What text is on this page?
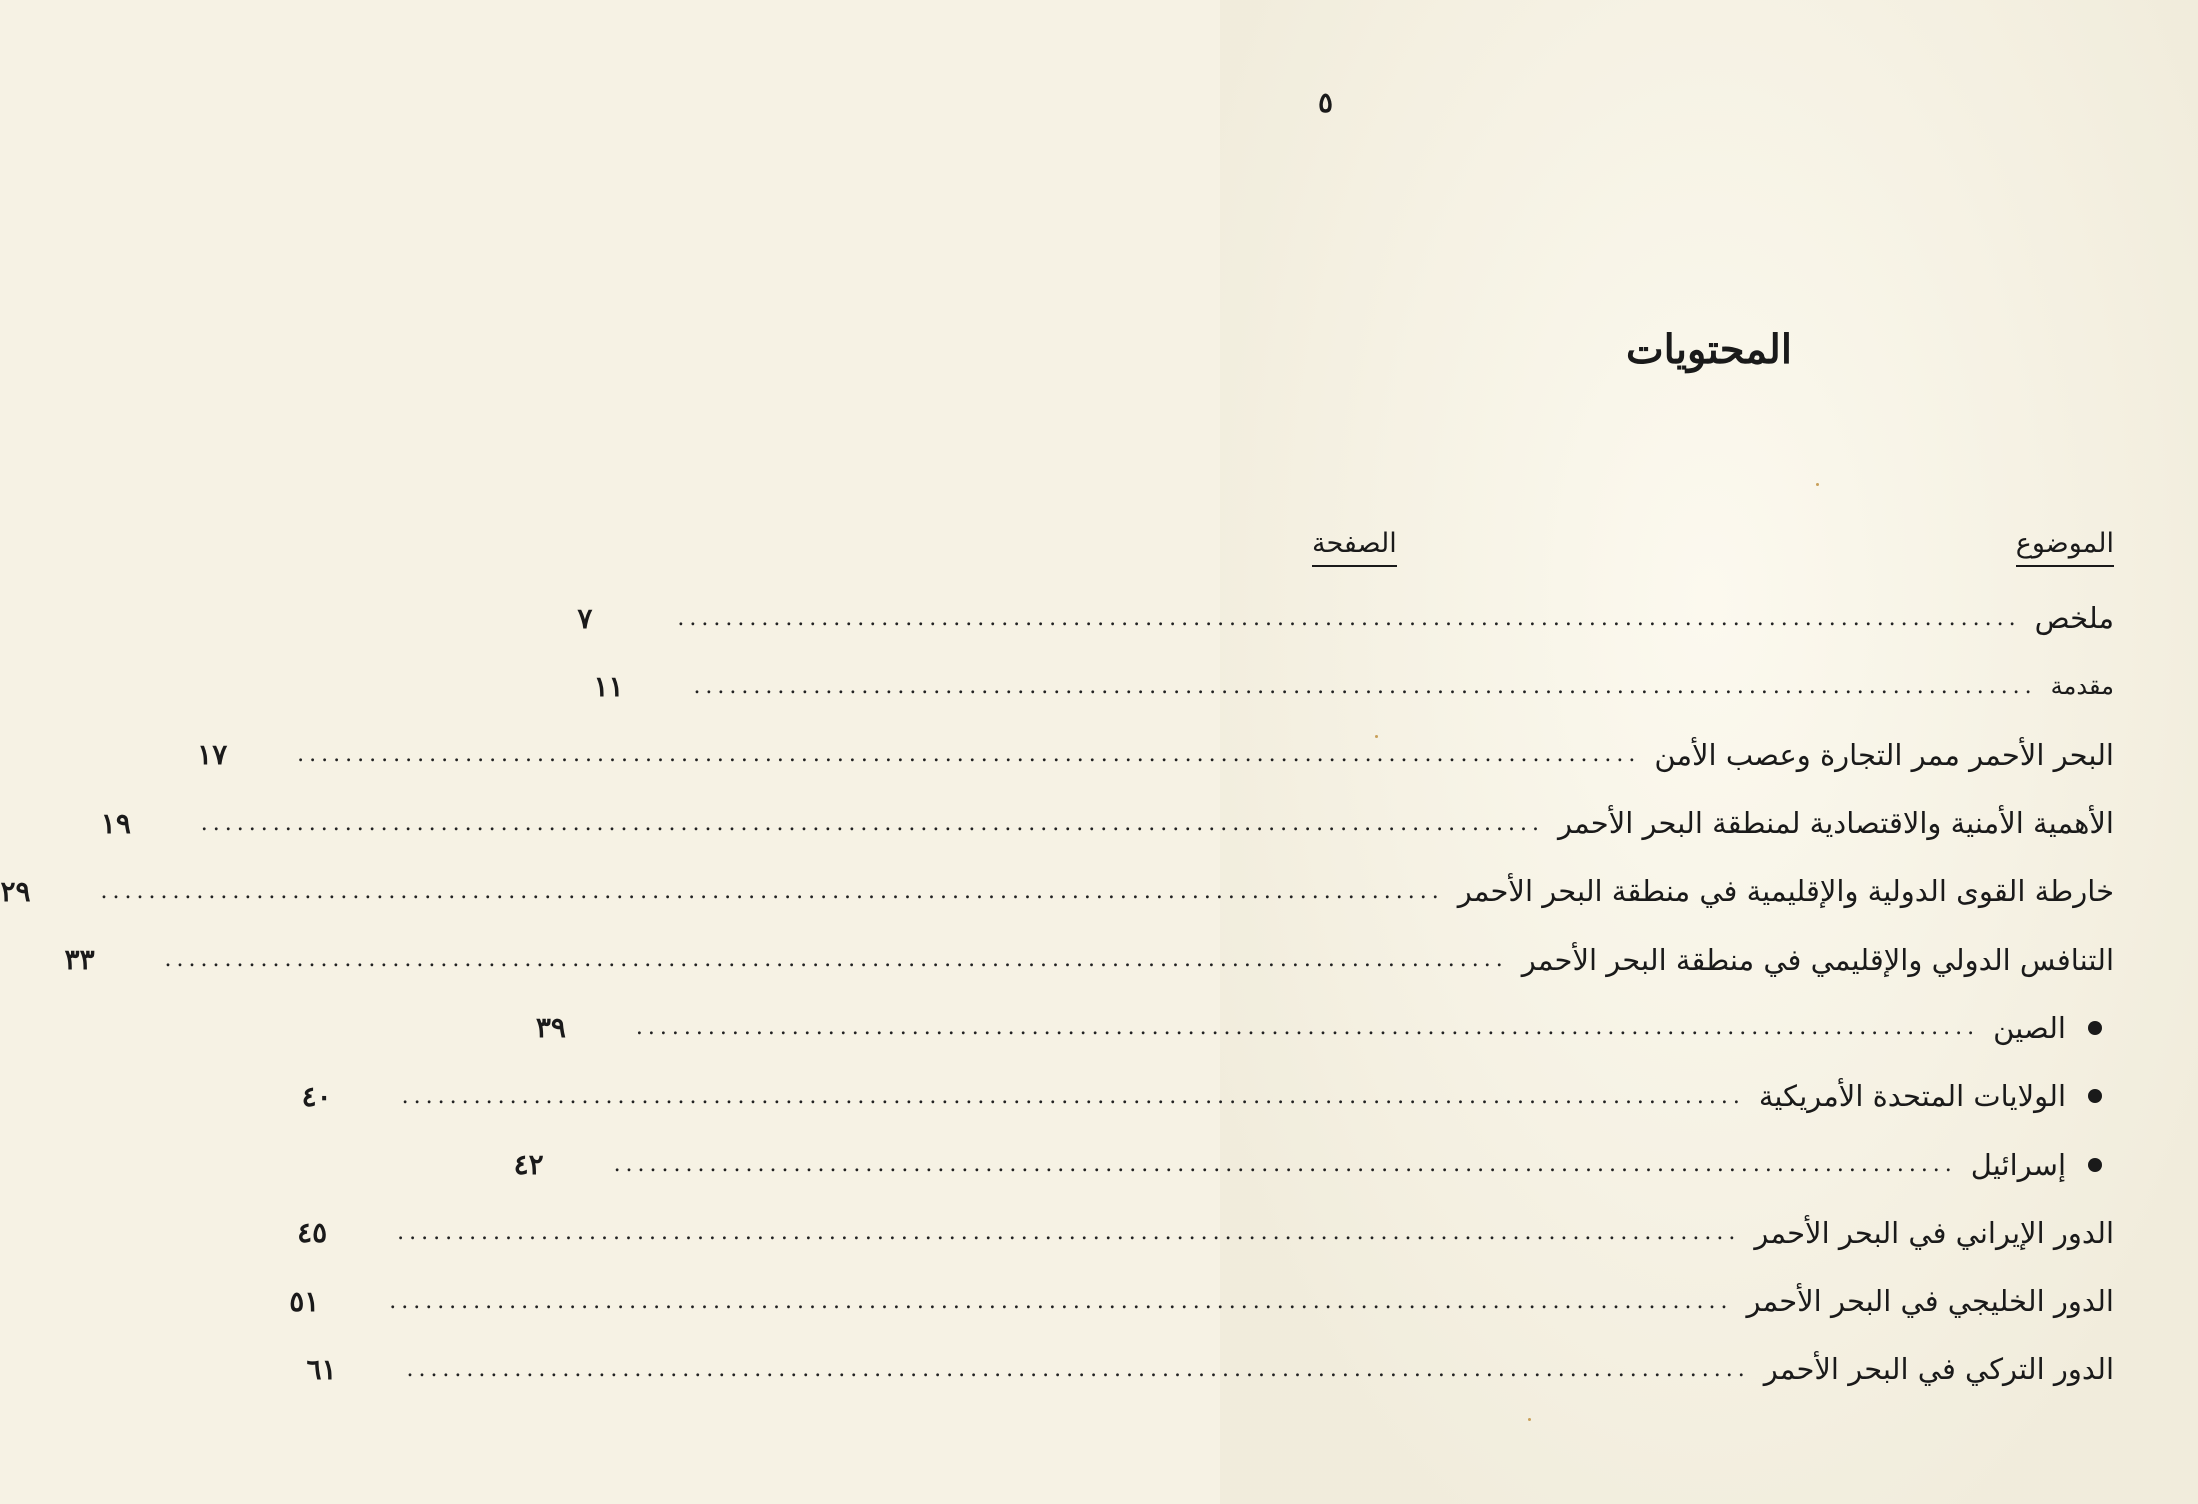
٥
المحتويات
الموضوع
الصفحة
ملخص
................................................................................................................
٧
مقدمة
................................................................................................................
١١
البحر الأحمر ممر التجارة وعصب الأمن
................................................................................................................
١٧
الأهمية الأمنية والاقتصادية لمنطقة البحر الأحمر
................................................................................................................
١٩
خارطة القوى الدولية والإقليمية في منطقة البحر الأحمر
................................................................................................................
٢٩
التنافس الدولي والإقليمي في منطقة البحر الأحمر
................................................................................................................
٣٣
الصين
................................................................................................................
٣٩
الولايات المتحدة الأمريكية
................................................................................................................
٤٠
إسرائيل
................................................................................................................
٤٢
الدور الإيراني في البحر الأحمر
................................................................................................................
٤٥
الدور الخليجي في البحر الأحمر
................................................................................................................
٥١
الدور التركي في البحر الأحمر
................................................................................................................
٦١
